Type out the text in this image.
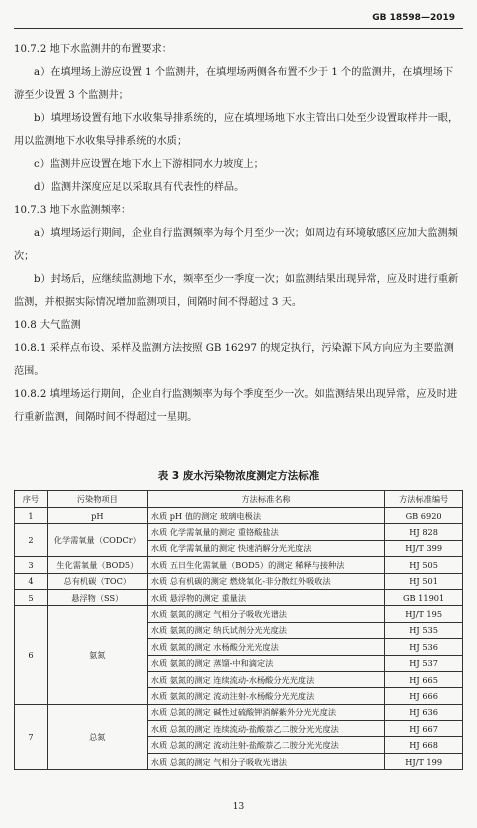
GB 18598—2019

10.7.2 地下水监测井的布置要求：

a）在填埋场上游应设置 1 个监测井，在填埋场两侧各布置不少于 1 个的监测井，在填埋场下游至少设置 3 个监测井；

b）填埋场设置有地下水收集导排系统的，应在填埋场地下水主管出口处至少设置取样井一眼，用以监测地下水收集导排系统的水质；

c）监测井应设置在地下水上下游相同水力坡度上；

d）监测井深度应足以采取具有代表性的样品。

10.7.3 地下水监测频率：

a）填埋场运行期间，企业自行监测频率为每个月至少一次；如周边有环境敏感区应加大监测频次；

b）封场后，应继续监测地下水，频率至少一季度一次；如监测结果出现异常，应及时进行重新监测，并根据实际情况增加监测项目，间隔时间不得超过 3 天。

10.8 大气监测

10.8.1 采样点布设、采样及监测方法按照 GB 16297 的规定执行，污染源下风方向应为主要监测范围。

10.8.2 填埋场运行期间，企业自行监测频率为每个季度至少一次。如监测结果出现异常，应及时进行重新监测，间隔时间不得超过一星期。

表 3 废水污染物浓度测定方法标准
序号	污染物项目	方法标准名称	方法标准编号
1	pH	水质 pH 值的测定 玻璃电极法	GB 6920
2	化学需氧量（CODCr）	水质 化学需氧量的测定 重铬酸盐法	HJ 828
		水质 化学需氧量的测定 快速消解分光光度法	HJ/T 399
3	生化需氧量（BOD5）	水质 五日生化需氧量（BOD5）的测定 稀释与接种法	HJ 505
4	总有机碳（TOC）	水质 总有机碳的测定 燃烧氧化-非分散红外吸收法	HJ 501
5	悬浮物（SS）	水质 悬浮物的测定 重量法	GB 11901
6	氨氮	水质 氨氮的测定 气相分子吸收光谱法	HJ/T 195
		水质 氨氮的测定 纳氏试剂分光光度法	HJ 535
		水质 氨氮的测定 水杨酸分光光度法	HJ 536
		水质 氨氮的测定 蒸馏-中和滴定法	HJ 537
		水质 氨氮的测定 连续流动-水杨酸分光光度法	HJ 665
		水质 氨氮的测定 流动注射-水杨酸分光光度法	HJ 666
7	总氮	水质 总氮的测定 碱性过硫酸钾消解紫外分光光度法	HJ 636
		水质 总氮的测定 连续流动-盐酸萘乙二胺分光光度法	HJ 667
		水质 总氮的测定 流动注射-盐酸萘乙二胺分光光度法	HJ 668
		水质 总氮的测定 气相分子吸收光谱法	HJ/T 199
13
